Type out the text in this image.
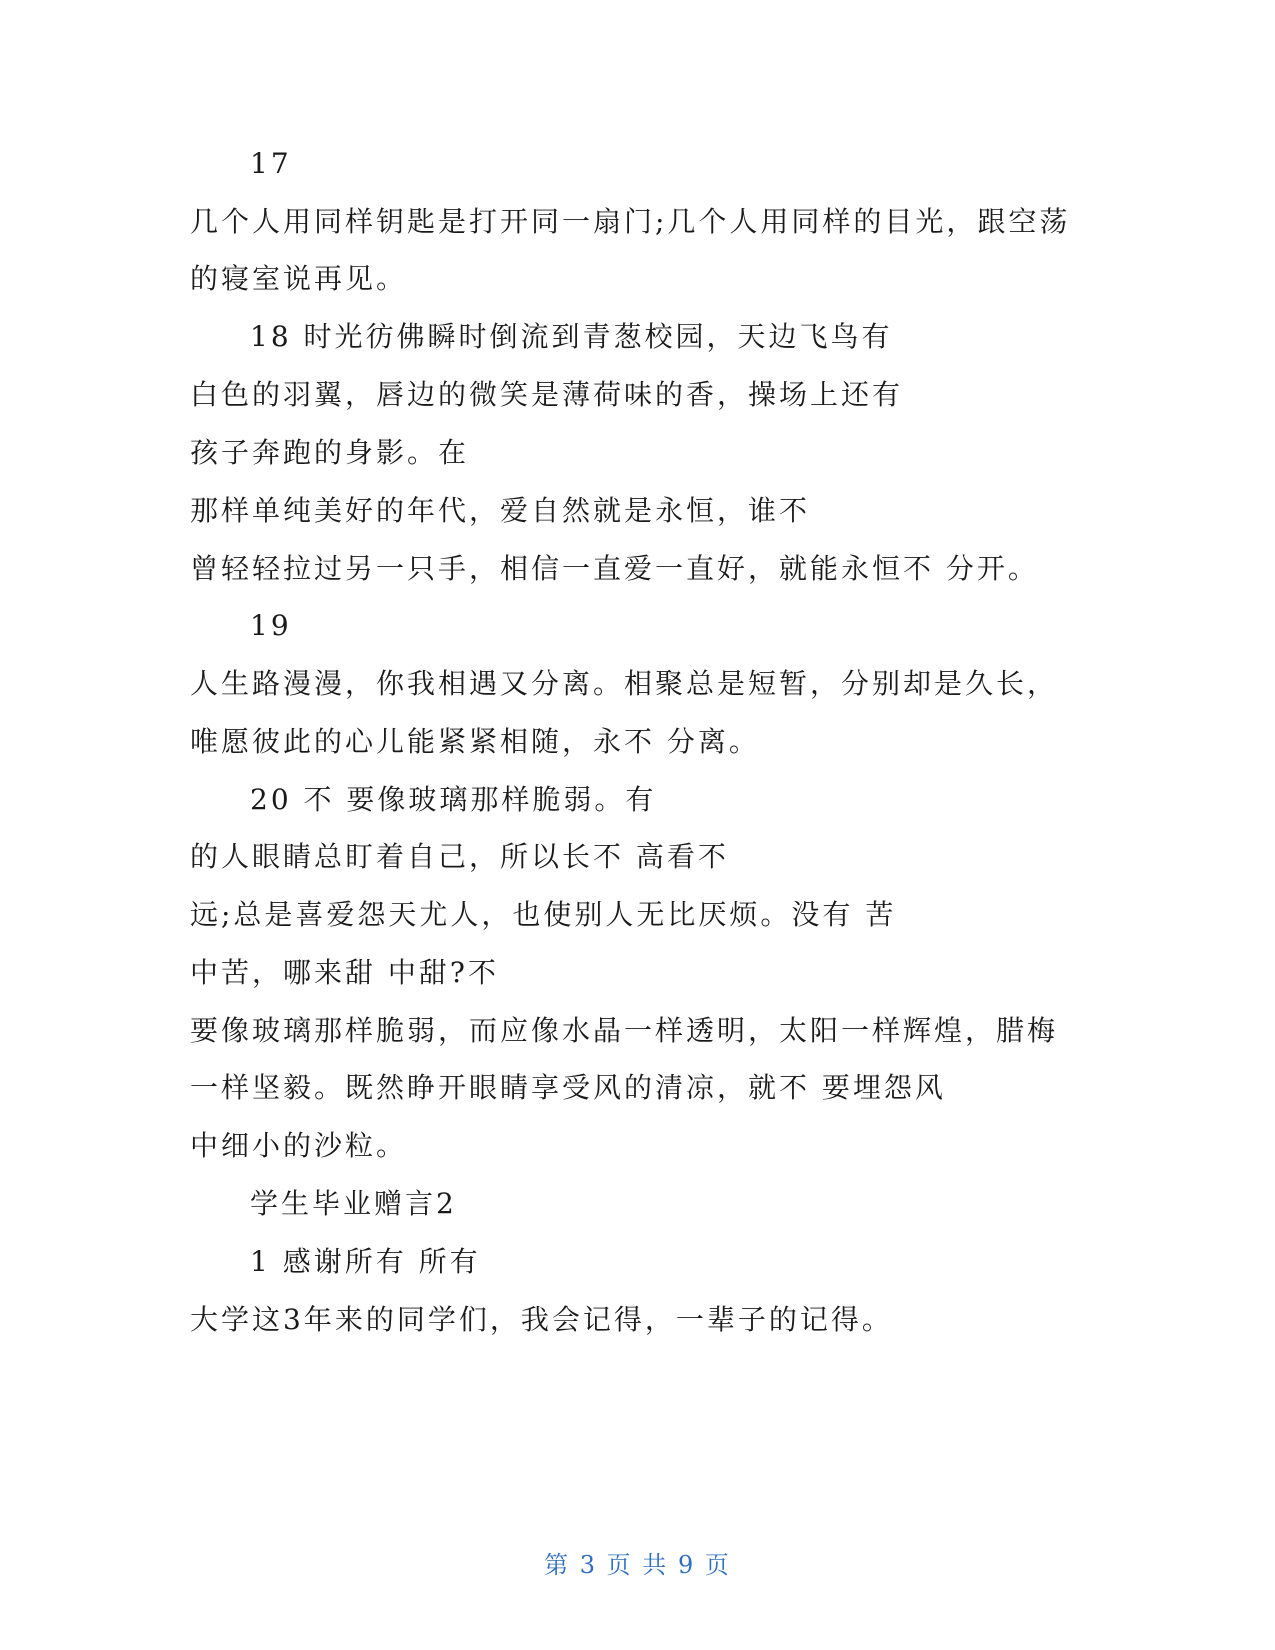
17
几个人用同样钥匙是打开同一扇门;几个人用同样的目光，跟空荡
的寝室说再见。
18 时光彷佛瞬时倒流到青葱校园，天边飞鸟有
白色的羽翼，唇边的微笑是薄荷味的香，操场上还有
孩子奔跑的身影。在
那样单纯美好的年代，爱自然就是永恒，谁不
曾轻轻拉过另一只手，相信一直爱一直好，就能永恒不 分开。
19
人生路漫漫，你我相遇又分离。相聚总是短暂，分别却是久长，
唯愿彼此的心儿能紧紧相随，永不 分离。
20 不 要像玻璃那样脆弱。有
的人眼睛总盯着自己，所以长不 高看不
远;总是喜爱怨天尤人，也使别人无比厌烦。没有 苦
中苦，哪来甜 中甜?不
要像玻璃那样脆弱，而应像水晶一样透明，太阳一样辉煌，腊梅
一样坚毅。既然睁开眼睛享受风的清凉，就不 要埋怨风
中细小的沙粒。
学生毕业赠言2
1 感谢所有 所有
大学这3年来的同学们，我会记得，一辈子的记得。
第 3 页 共 9 页
